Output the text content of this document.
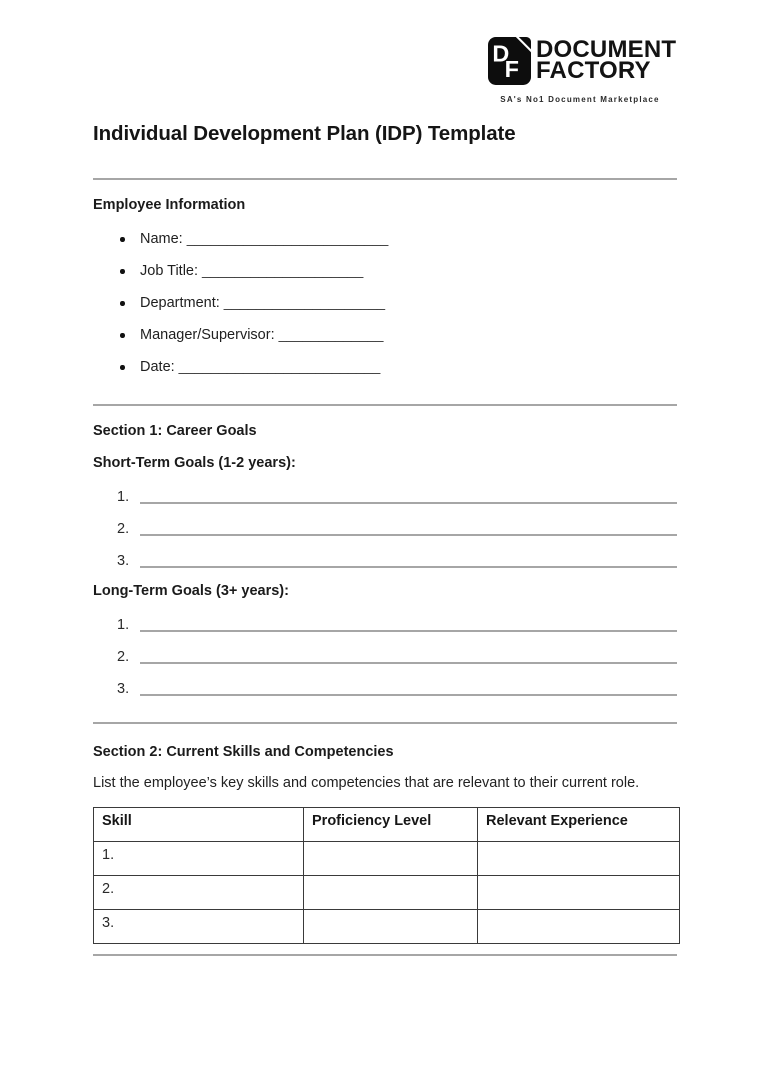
D
F
DOCUMENT
FACTORY
SA's No1 Document Marketplace
Individual Development Plan (IDP) Template
Employee Information
Name: _________________________
Job Title: ____________________
Department: ____________________
Manager/Supervisor: _____________
Date: _________________________
Section 1: Career Goals
Short-Term Goals (1-2 years):
1.
2.
3.
Long-Term Goals (3+ years):
1.
2.
3.
Section 2: Current Skills and Competencies

List the employee’s key skills and competencies that are relevant to their current role.

Skill	Proficiency Level	Relevant Experience
1.		
2.		
3.		
